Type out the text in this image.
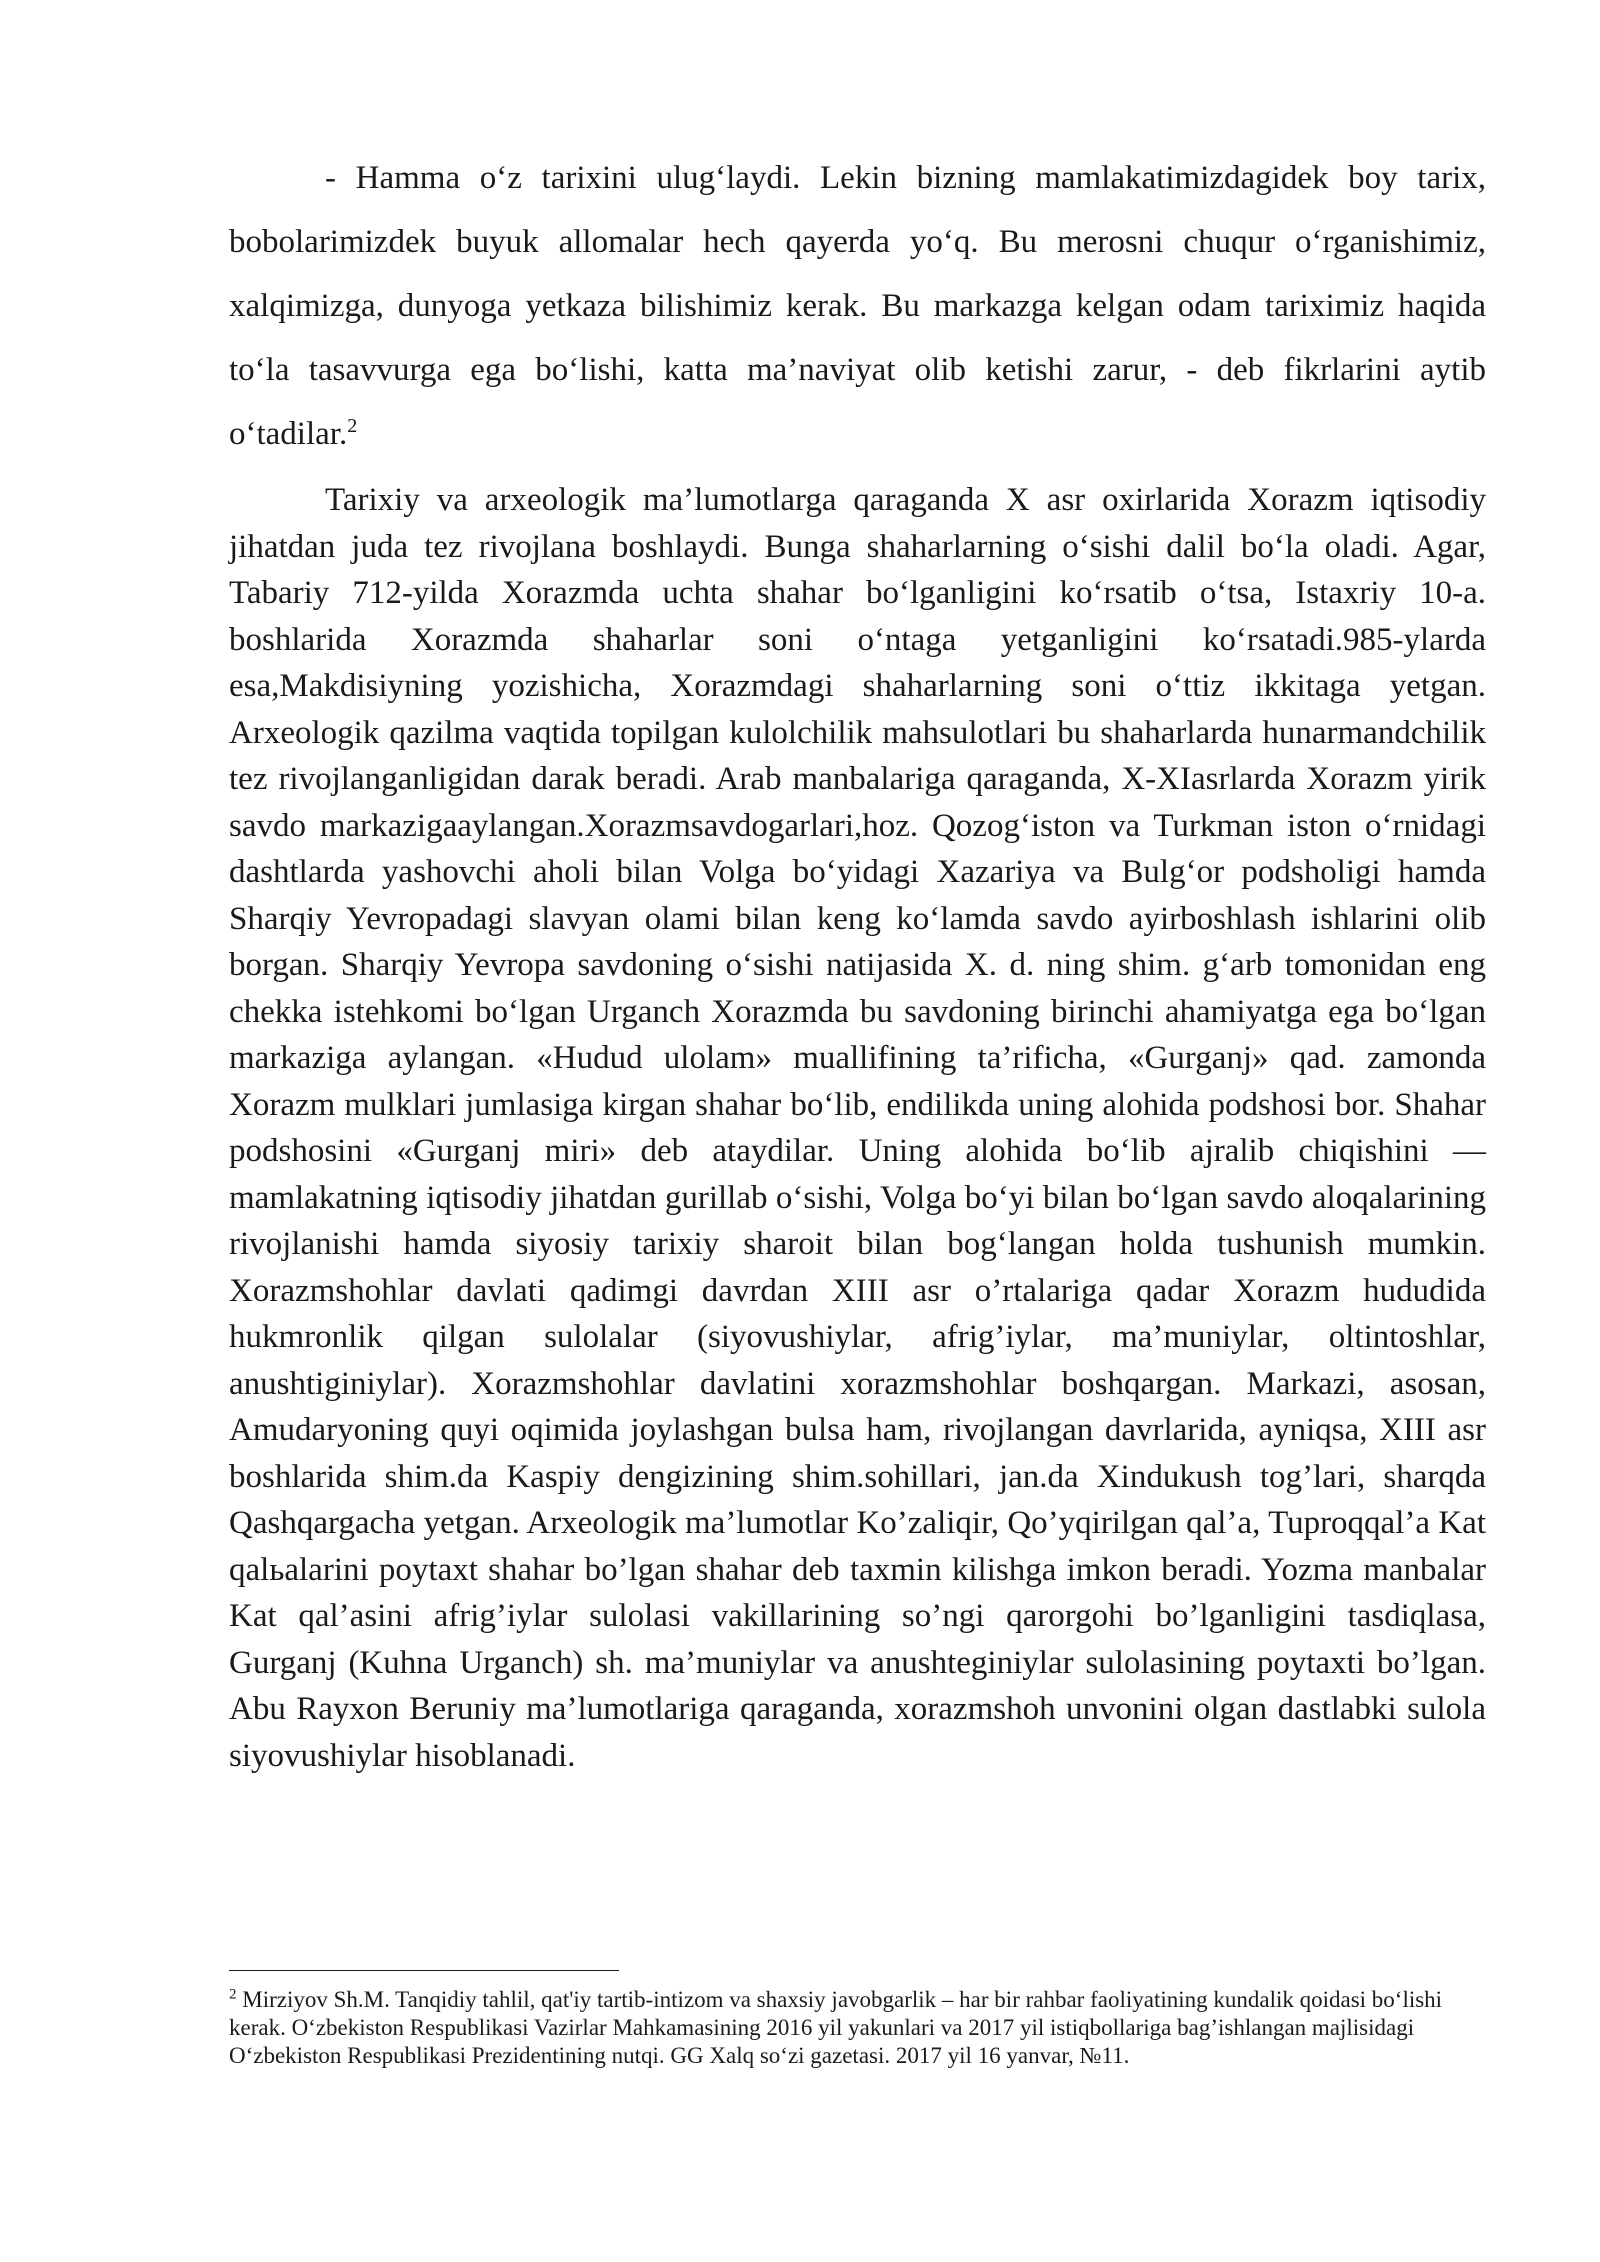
- Hamma o‘z tarixini ulug‘laydi. Lekin bizning mamlakatimizdagidek boy tarix, bobolarimizdek buyuk allomalar hech qayerda yo‘q. Bu merosni chuqur o‘rganishimiz, xalqimizga, dunyoga yetkaza bilishimiz kerak. Bu markazga kelgan odam tariximiz haqida to‘la tasavvurga ega bo‘lishi, katta ma’naviyat olib ketishi zarur, - deb fikrlarini aytib o‘tadilar.$^2$

Tarixiy va arxeologik ma’lumotlarga qaraganda X asr oxirlarida Xorazm iqtisodiy jihatdan juda tez rivojlana boshlaydi. Bunga shaharlarning o‘sishi dalil bo‘la oladi. Agar, Tabariy 712-yilda Xorazmda uchta shahar bo‘lganligini ko‘rsatib o‘tsa, Istaxriy 10-a. boshlarida Xorazmda shaharlar soni o‘ntaga yetganligini ko‘rsatadi.985-ylarda esa,Makdisiyning yozishicha, Xorazmdagi shaharlarning soni o‘ttiz ikkitaga yetgan. Arxeologik qazilma vaqtida topilgan kulolchilik mahsulotlari bu shaharlarda hunarmandchilik tez rivojlanganligidan darak beradi. Arab manbalariga qaraganda, X-XIasrlarda Xorazm yirik savdo markazigaaylangan.Xorazmsavdogarlari,hoz. Qozog‘iston va Turkman iston o‘rnidagi dashtlarda yashovchi aholi bilan Volga bo‘yidagi Xazariya va Bulg‘or podsholigi hamda Sharqiy Yevropadagi slavyan olami bilan keng ko‘lamda savdo ayirboshlash ishlarini olib borgan. Sharqiy Yevropa savdoning o‘sishi natijasida X. d. ning shim. g‘arb tomonidan eng chekka istehkomi bo‘lgan Urganch Xorazmda bu savdoning birinchi ahamiyatga ega bo‘lgan markaziga aylangan. «Hudud ulolam» muallifining ta’rificha, «Gurganj» qad. zamonda Xorazm mulklari jumlasiga kirgan shahar bo‘lib, endilikda uning alohida podshosi bor. Shahar podshosini «Gurganj miri» deb ataydilar. Uning alohida bo‘lib ajralib chiqishini — mamlakatning iqtisodiy jihatdan gurillab o‘sishi, Volga bo‘yi bilan bo‘lgan savdo aloqalarining rivojlanishi hamda siyosiy tarixiy sharoit bilan bog‘langan holda tushunish mumkin. Xorazmshohlar davlati qadimgi davrdan XIII asr o’rtalariga qadar Xorazm hududida hukmronlik qilgan sulolalar (siyovushiylar, afrig’iylar, ma’muniylar, oltintoshlar, anushtiginiylar). Xorazmshohlar davlatini xorazmshohlar boshqargan. Markazi, asosan, Amudaryoning quyi oqimida joylashgan bulsa ham, rivojlangan davrlarida, ayniqsa, XIII asr boshlarida shim.da Kaspiy dengizining shim.sohillari, jan.da Xindukush tog’lari, sharqda Qashqargacha yetgan. Arxeologik ma’lumotlar Ko’zaliqir, Qo’yqirilgan qal’a, Tuproqqal’a Kat qalьalarini poytaxt shahar bo’lgan shahar deb taxmin kilishga imkon beradi. Yozma manbalar Kat qal’asini afrig’iylar sulolasi vakillarining so’ngi qarorgohi bo’lganligini tasdiqlasa, Gurganj (Kuhna Urganch) sh. ma’muniylar va anushteginiylar sulolasining poytaxti bo’lgan. Abu Rayxon Beruniy ma’lumotlariga qaraganda, xorazmshoh unvonini olgan dastlabki sulola siyovushiylar hisoblanadi.

$^2$ Mirziyov Sh.M. Tanqidiy tahlil, qat'iy tartib-intizom va shaxsiy javobgarlik – har bir rahbar faoliyatining kundalik qoidasi bo‘lishi kerak. O‘zbekiston Respublikasi Vazirlar Mahkamasining 2016 yil yakunlari va 2017 yil istiqbollariga bag’ishlangan majlisidagi O‘zbekiston Respublikasi Prezidentining nutqi. GG Xalq so‘zi gazetasi. 2017 yil 16 yanvar, №11.
